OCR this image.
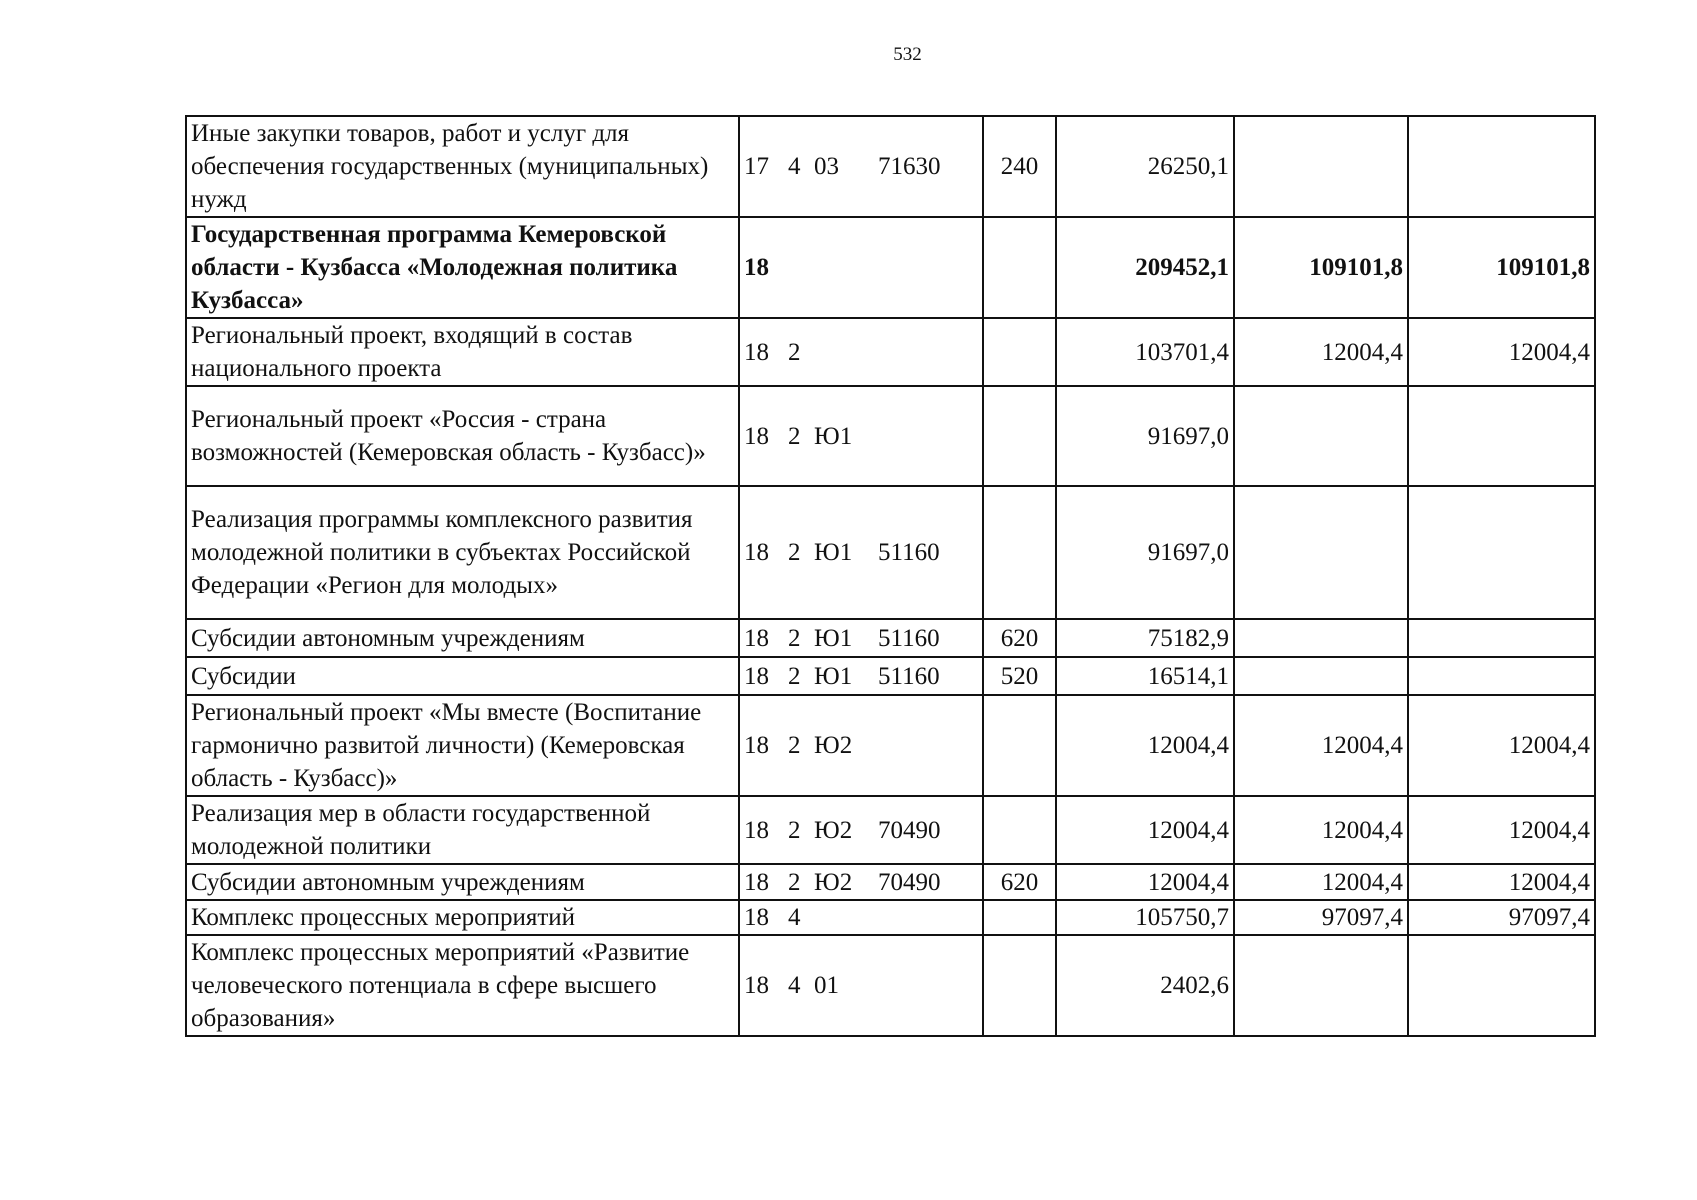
532
Иные закупки товаров, работ и услуг для обеспечения государственных (муниципальных) нужд	17 4 03 71630	240	26250,1		
Государственная программа Кемеровской области - Кузбасса «Молодежная политика Кузбасса»	18		209452,1	109101,8	109101,8
Региональный проект, входящий в состав национального проекта	18 2		103701,4	12004,4	12004,4
Региональный проект «Россия - страна возможностей (Кемеровская область - Кузбасс)»	18 2 Ю1		91697,0		
Реализация программы комплексного развития молодежной политики в субъектах Российской Федерации «Регион для молодых»	18 2 Ю1 51160		91697,0		
Субсидии автономным учреждениям	18 2 Ю1 51160	620	75182,9		
Субсидии	18 2 Ю1 51160	520	16514,1		
Региональный проект «Мы вместе (Воспитание гармонично развитой личности) (Кемеровская область - Кузбасс)»	18 2 Ю2		12004,4	12004,4	12004,4
Реализация мер в области государственной молодежной политики	18 2 Ю2 70490		12004,4	12004,4	12004,4
Субсидии автономным учреждениям	18 2 Ю2 70490	620	12004,4	12004,4	12004,4
Комплекс процессных мероприятий	18 4		105750,7	97097,4	97097,4
Комплекс процессных мероприятий «Развитие человеческого потенциала в сфере высшего образования»	18 4 01		2402,6		
